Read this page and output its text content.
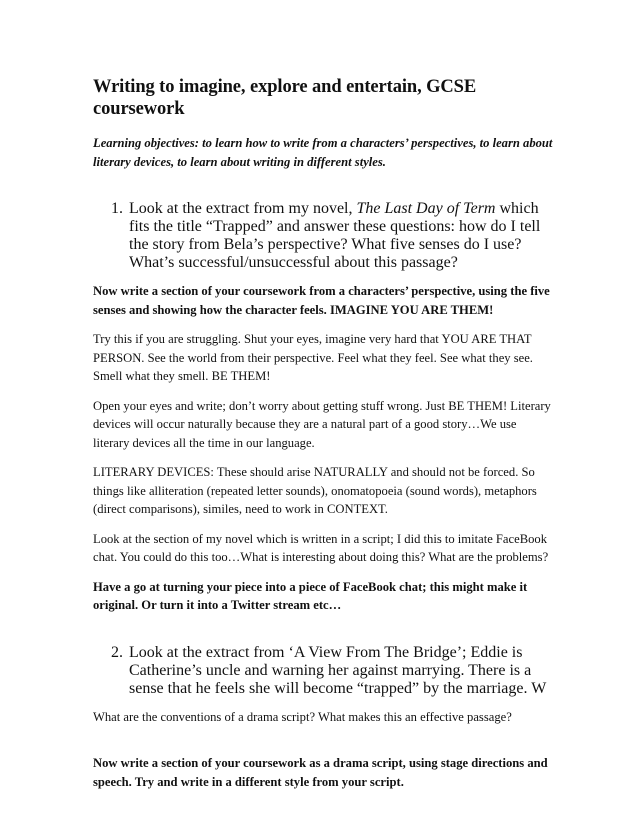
Writing to imagine, explore and entertain, GCSE coursework

Learning objectives: to learn how to write from a characters’ perspectives, to learn about literary devices, to learn about writing in different styles.

1. Look at the extract from my novel, The Last Day of Term which fits the title “Trapped” and answer these questions: how do I tell the story from Bela’s perspective? What five senses do I use? What’s successful/unsuccessful about this passage?

Now write a section of your coursework from a characters’ perspective, using the five senses and showing how the character feels. IMAGINE YOU ARE THEM!

Try this if you are struggling. Shut your eyes, imagine very hard that YOU ARE THAT PERSON. See the world from their perspective. Feel what they feel. See what they see. Smell what they smell. BE THEM!

Open your eyes and write; don’t worry about getting stuff wrong. Just BE THEM! Literary devices will occur naturally because they are a natural part of a good story…We use literary devices all the time in our language.

LITERARY DEVICES: These should arise NATURALLY and should not be forced. So things like alliteration (repeated letter sounds), onomatopoeia (sound words), metaphors (direct comparisons), similes, need to work in CONTEXT.

Look at the section of my novel which is written in a script; I did this to imitate FaceBook chat. You could do this too…What is interesting about doing this? What are the problems?

Have a go at turning your piece into a piece of FaceBook chat; this might make it original. Or turn it into a Twitter stream etc…

2. Look at the extract from ‘A View From The Bridge’; Eddie is Catherine’s uncle and warning her against marrying. There is a sense that he feels she will become “trapped” by the marriage. W

What are the conventions of a drama script? What makes this an effective passage?

Now write a section of your coursework as a drama script, using stage directions and speech. Try and write in a different style from your script.
